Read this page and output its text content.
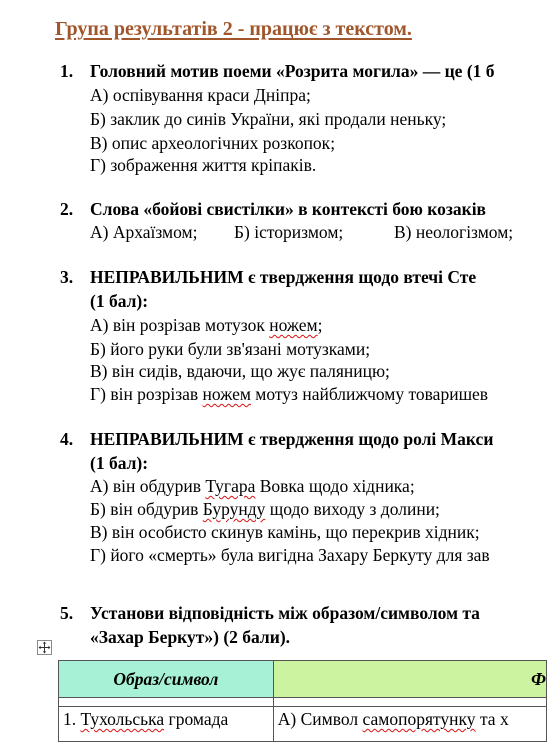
Група результатів 2 - працює з текстом.
1. Головний мотив поеми «Розрита могила» — це (1 б
А) оспівування краси Дніпра;
Б) заклик до синів України, які продали неньку;
В) опис археологічних розкопок;
Г) зображення життя кріпаків.
2. Слова «бойові свистілки» в контексті бою козаків
А) Архаїзмом; Б) історизмом;	В) неологізмом;
3. НЕПРАВИЛЬНИМ є твердження щодо втечі Сте
(1 бал):
А) він розрізав мотузок ножем;
Б) його руки були зв'язані мотузками;
В) він сидів, вдаючи, що жує паляницю;
Г) він розрізав ножем мотуз найближчому товаришев
4. НЕПРАВИЛЬНИМ є твердження щодо ролі Макси
(1 бал):
А) він обдурив Тугара Вовка щодо хідника;
Б) він обдурив Бурунду щодо виходу з долини;
В) він особисто скинув камінь, що перекрив хідник;
Г) його «смерть» була вигідна Захару Беркуту для зав
5. Установи відповідність між образом/символом та
«Захар Беркут») (2 бали).
Образ/символ	Ф

1. Тухольська громада	А) Символ самопорятунку та х
